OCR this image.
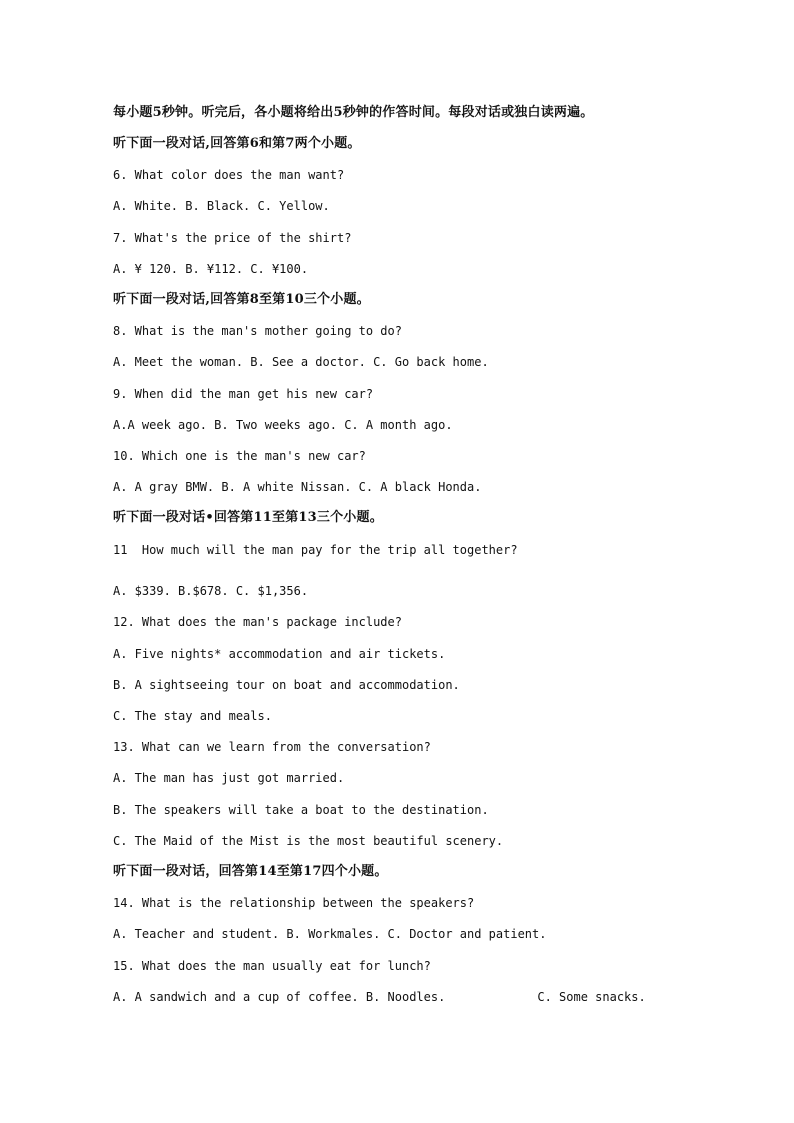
每小题5秒钟。听完后，各小题将给出5秒钟的作答时间。每段对话或独白读两遍。
听下面一段对话,回答第6和第7两个小题。
6. What color does the man want?
A. White. B. Black. C. Yellow.
7. What's the price of the shirt?
A. ¥ 120. B. ¥112. C. ¥100.
听下面一段对话,回答第8至第10三个小题。
8. What is the man's mother going to do?
A. Meet the woman. B. See a doctor. C. Go back home.
9. When did the man get his new car?
A.A week ago. B. Two weeks ago. C. A month ago.
10. Which one is the man's new car?
A. A gray BMW. B. A white Nissan. C. A black Honda.
听下面一段对话•回答第11至第13三个小题。
11  How much will the man pay for the trip all together?
A. $339. B.$678. C. $1,356.
12. What does the man's package include?
A. Five nights* accommodation and air tickets.
B. A sightseeing tour on boat and accommodation.
C. The stay and meals.
13. What can we learn from the conversation?
A. The man has just got married.
B. The speakers will take a boat to the destination.
C. The Maid of the Mist is the most beautiful scenery.
听下面一段对话，回答第14至第17四个小题。
14. What is the relationship between the speakers?
A. Teacher and student. B. Workmales. C. Doctor and patient.
15. What does the man usually eat for lunch?
A. A sandwich and a cup of coffee. B. Noodles.	C. Some snacks.
